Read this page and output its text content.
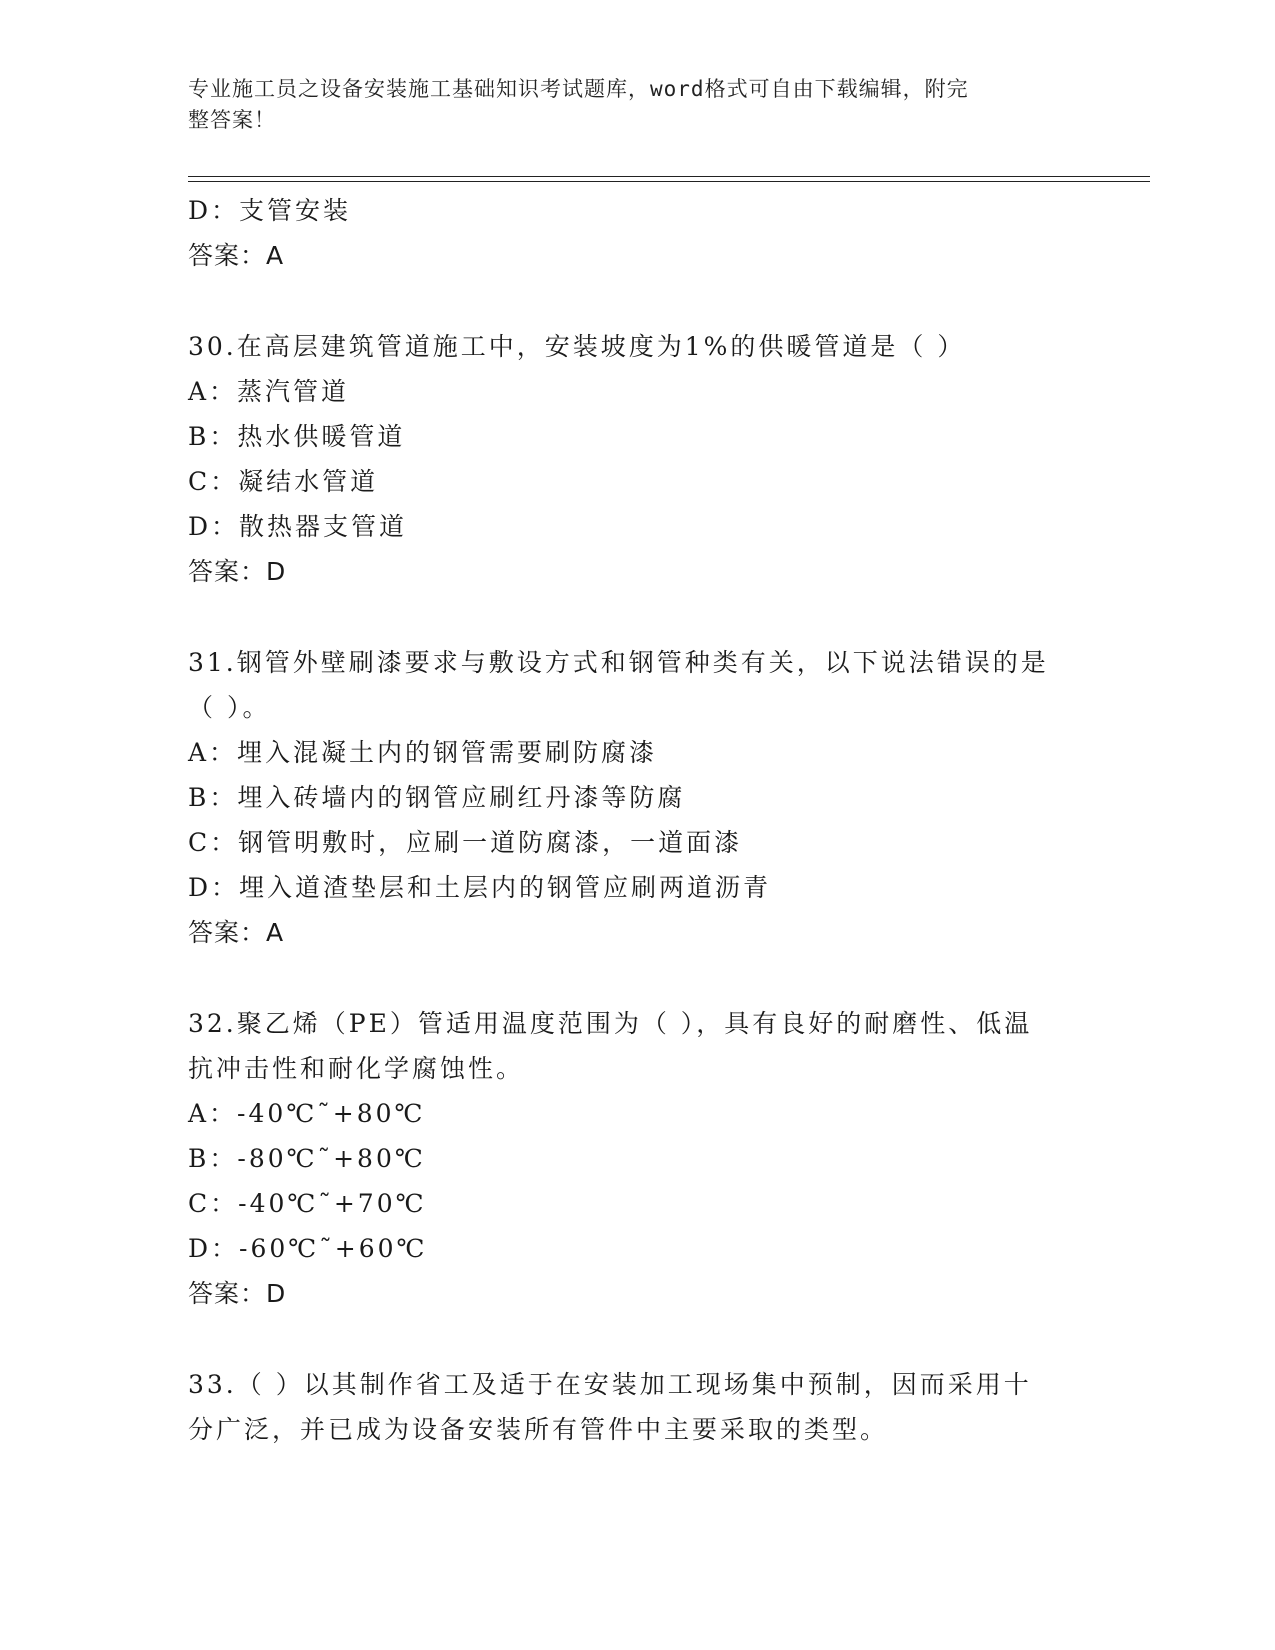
专业施工员之设备安装施工基础知识考试题库，word格式可自由下载编辑，附完
整答案！
D：支管安装
答案：A
30.在高层建筑管道施工中，安装坡度为1%的供暖管道是（ ）
A：蒸汽管道
B：热水供暖管道
C：凝结水管道
D：散热器支管道
答案：D
31.钢管外壁刷漆要求与敷设方式和钢管种类有关，以下说法错误的是
（ ）。
A：埋入混凝土内的钢管需要刷防腐漆
B：埋入砖墙内的钢管应刷红丹漆等防腐
C：钢管明敷时，应刷一道防腐漆，一道面漆
D：埋入道渣垫层和土层内的钢管应刷两道沥青
答案：A
32.聚乙烯（PE）管适用温度范围为（ ），具有良好的耐磨性、低温
抗冲击性和耐化学腐蚀性。
A：-40℃˜+80℃
B：-80℃˜+80℃
C：-40℃˜+70℃
D：-60℃˜+60℃
答案：D
33.（ ）以其制作省工及适于在安装加工现场集中预制，因而采用十
分广泛，并已成为设备安装所有管件中主要采取的类型。
